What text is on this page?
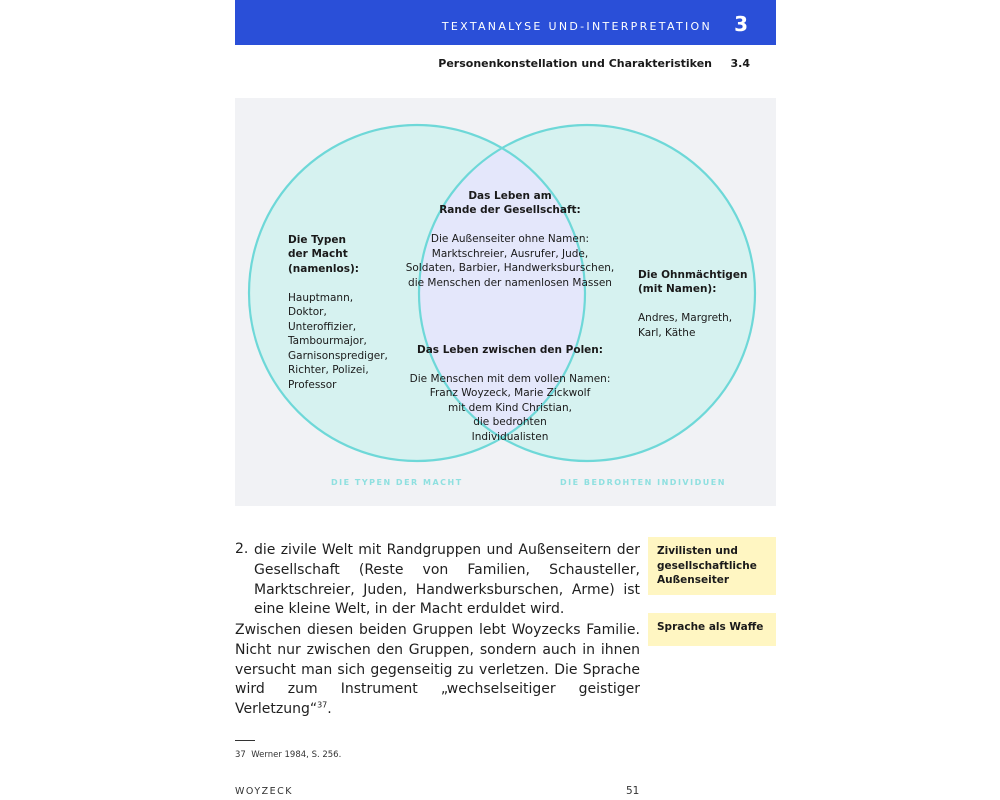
TEXTANALYSE UND-INTERPRETATION 3
Personenkonstellation und Charakteristiken 3.4

Die Typen
der Macht
(namenlos):

Hauptmann,
Doktor,
Unteroffizier,
Tambourmajor,
Garnisonsprediger,
Richter, Polizei,
Professor

Das Leben am
Rande der Gesellschaft:

Die Außenseiter ohne Namen:
Marktschreier, Ausrufer, Jude,
Soldaten, Barbier, Handwerksburschen,
die Menschen der namenlosen Massen

Das Leben zwischen den Polen:

Die Menschen mit dem vollen Namen:
Franz Woyzeck, Marie Zickwolf
mit dem Kind Christian,
die bedrohten
Individualisten

Die Ohnmächtigen
(mit Namen):

Andres, Margreth,
Karl, Käthe

DIE TYPEN DER MACHT	DIE BEDROHTEN INDIVIDUEN
2. die zivile Welt mit Randgruppen und Außenseitern der Gesellschaft (Reste von Familien, Schausteller, Marktschreier, Juden, Handwerksburschen, Arme) ist eine kleine Welt, in der Macht erduldet wird.

Zwischen diesen beiden Gruppen lebt Woyzecks Familie. Nicht nur zwischen den Gruppen, sondern auch in ihnen versucht man sich gegenseitig zu verletzen. Die Sprache wird zum Instrument „wechselseitiger geistiger Verletzung“$^{37}$.

Zivilisten und gesellschaftliche Außenseiter
Sprache als Waffe
37 Werner 1984, S. 256.
WOYZECK	51
